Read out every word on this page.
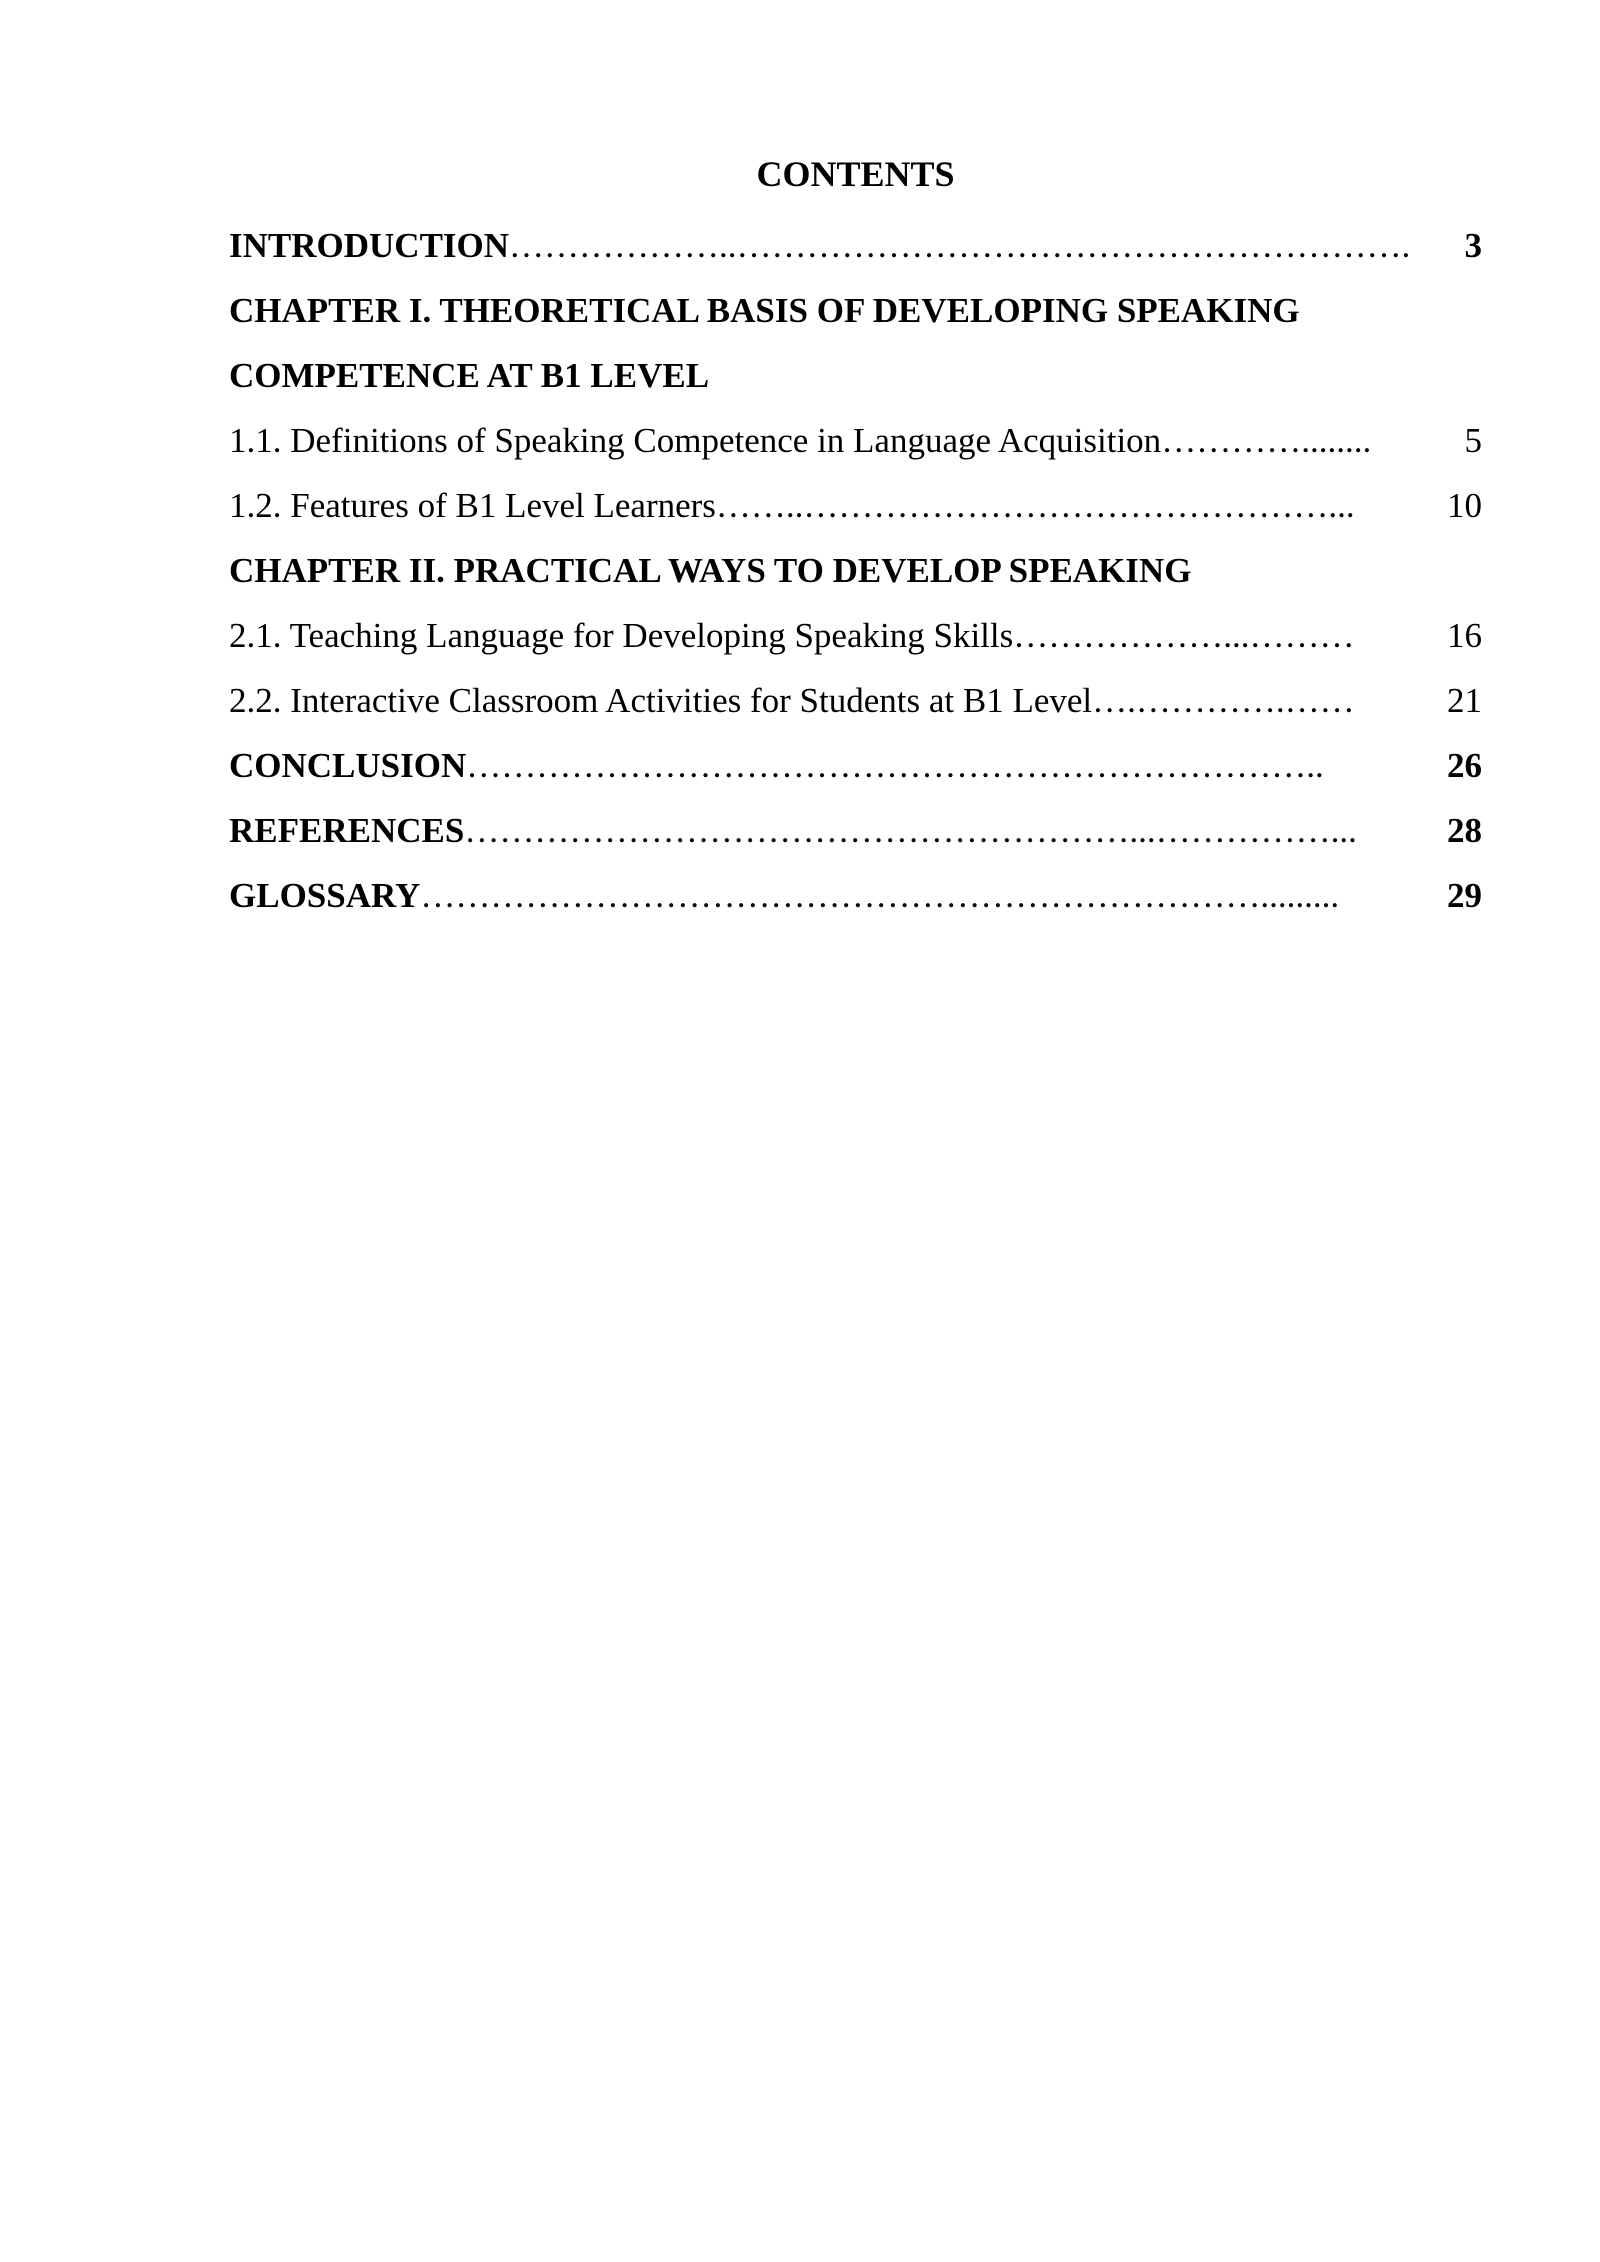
CONTENTS
INTRODUCTION ………………..………………………………………………….	3
CHAPTER I. THEORETICAL BASIS OF DEVELOPING SPEAKING
COMPETENCE AT B1 LEVEL
1.1. Definitions of Speaking Competence in Language Acquisition …………........	5
1.2. Features of B1 Level Learners ……..………………………………………...	10
CHAPTER II. PRACTICAL WAYS TO DEVELOP SPEAKING
2.1. Teaching Language for Developing Speaking Skills ………………...………	16
2.2. Interactive Classroom Activities for Students at B1 Level ….………….……	21
CONCLUSION ………………………………………………………………..	26
REFERENCES …………………………………………………...……………...	28
GLOSSARY ……………………………………………………………….........	29
